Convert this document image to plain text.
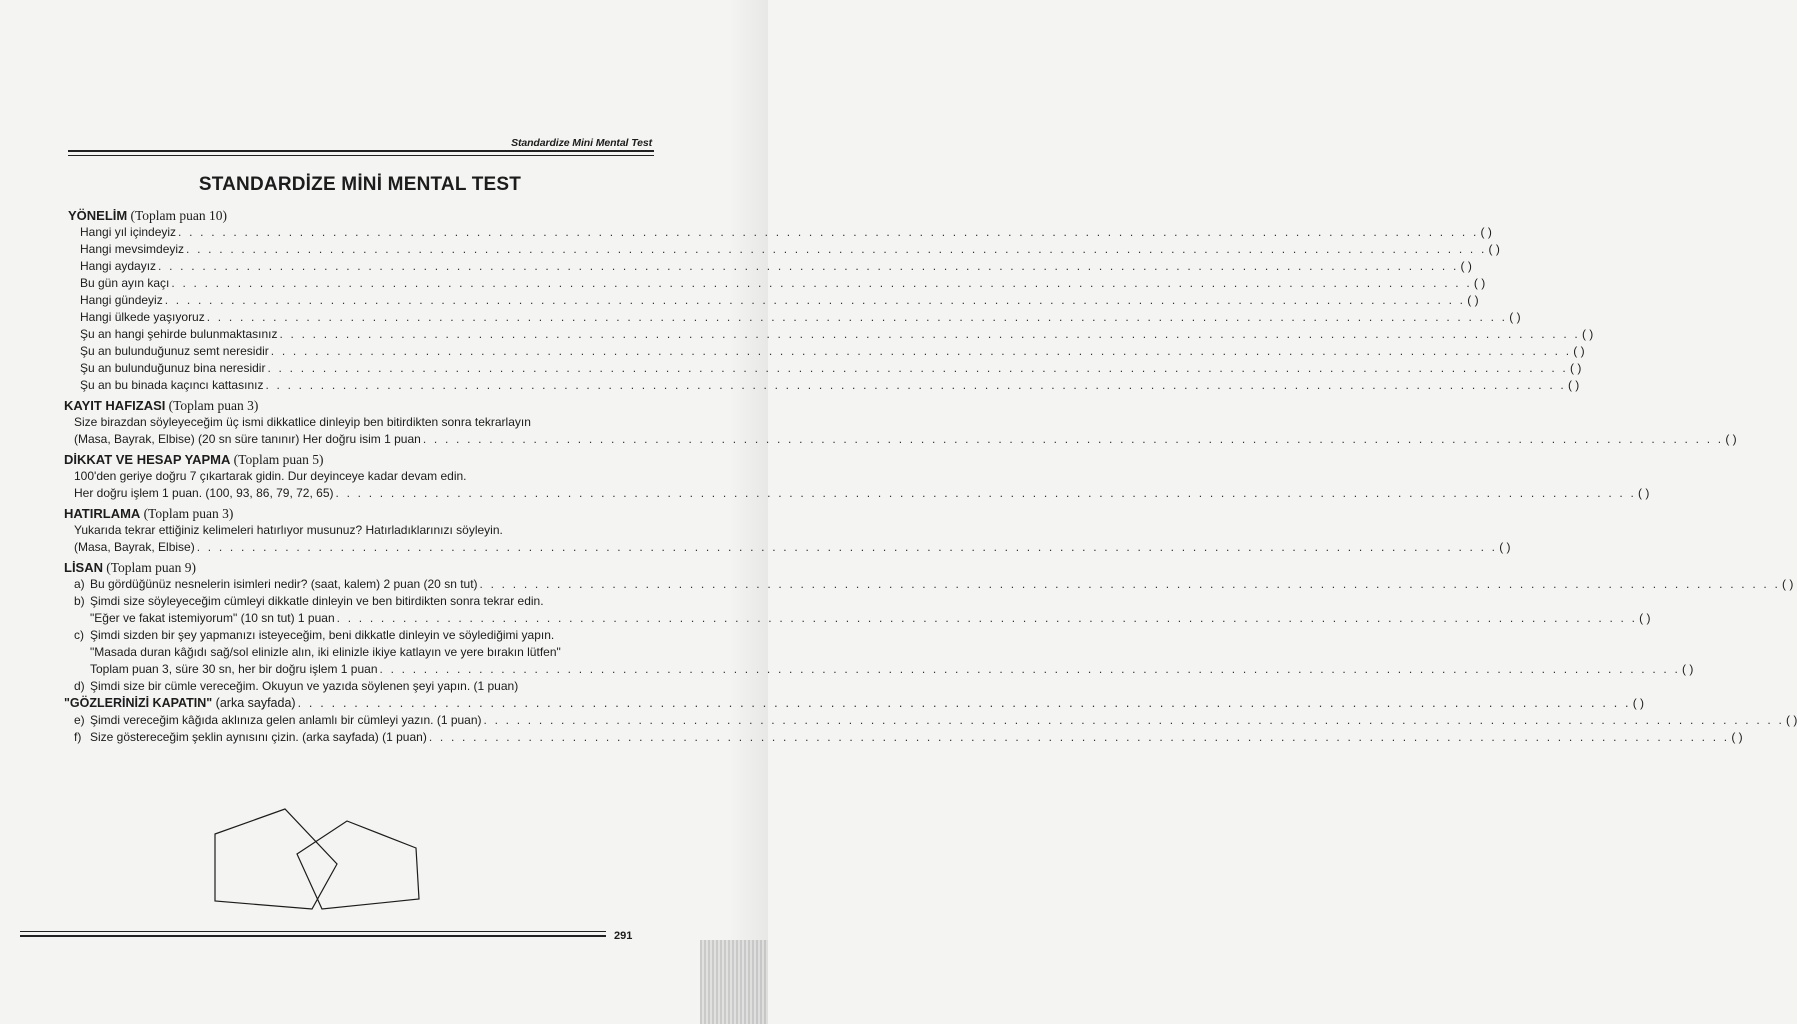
Standardize Mini Mental Test
STANDARDİZE MİNİ MENTAL TEST
YÖNELİM (Toplam puan 10)
Hangi yıl içindeyiz . . .	( )
Hangi mevsimdeyiz . . .	( )
Hangi aydayız . . .	( )
Bu gün ayın kaçı . . .	( )
Hangi gündeyiz . . .	( )
Hangi ülkede yaşıyoruz . . .	( )
Şu an hangi şehirde bulunmaktasınız . . .	( )
Şu an bulunduğunuz semt neresidir . . .	( )
Şu an bulunduğunuz bina neresidir . . .	( )
Şu an bu binada kaçıncı kattasınız . . .	( )
KAYIT HAFIZASI (Toplam puan 3)
Size birazdan söyleyeceğim üç ismi dikkatlice dinleyip ben bitirdikten sonra tekrarlayın
(Masa, Bayrak, Elbise) (20 sn süre tanınır) Her doğru isim 1 puan . . .	( )
DİKKAT VE HESAP YAPMA (Toplam puan 5)
100'den geriye doğru 7 çıkartarak gidin. Dur deyinceye kadar devam edin.
Her doğru işlem 1 puan. (100, 93, 86, 79, 72, 65) . . .	( )
HATIRLAMA (Toplam puan 3)
Yukarıda tekrar ettiğiniz kelimeleri hatırlıyor musunuz? Hatırladıklarınızı söyleyin.
(Masa, Bayrak, Elbise) . . .	( )
LİSAN (Toplam puan 9)
a) Bu gördüğünüz nesnelerin isimleri nedir? (saat, kalem) 2 puan (20 sn tut) . . .	( )
b) Şimdi size söyleyeceğim cümleyi dikkatle dinleyin ve ben bitirdikten sonra tekrar edin.
"Eğer ve fakat istemiyorum" (10 sn tut) 1 puan . . .	( )
c) Şimdi sizden bir şey yapmanızı isteyeceğim, beni dikkatle dinleyin ve söylediğimi yapın.
"Masada duran kâğıdı sağ/sol elinizle alın, iki elinizle ikiye katlayın ve yere bırakın lütfen"
Toplam puan 3, süre 30 sn, her bir doğru işlem 1 puan . . .	( )
d) Şimdi size bir cümle vereceğim. Okuyun ve yazıda söylenen şeyi yapın. (1 puan)
"GÖZLERİNİZİ KAPATIN" (arka sayfada) . . .	( )
e) Şimdi vereceğim kâğıda aklınıza gelen anlamlı bir cümleyi yazın. (1 puan) . . .	( )
f) Size göstereceğim şeklin aynısını çizin. (arka sayfada) (1 puan) . . .	( )
291
